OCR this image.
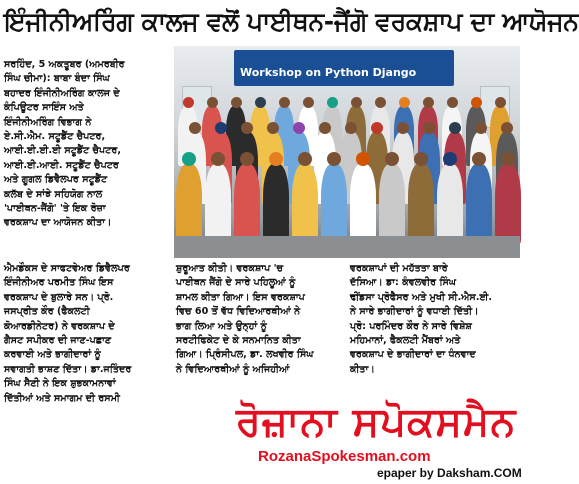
ਇੰਜੀਨੀਅਰਿੰਗ ਕਾਲਜ ਵਲੋਂ ਪਾਈਥਨ-ਜੈਂਗੋ ਵਰਕਸ਼ਾਪ ਦਾ ਆਯੋਜਨ

ਸਰਹਿੰਦ, 5 ਅਕਤੂਬਰ (ਅਮਰਬੀਰ

ਸਿੰਘ ਚੀਮਾ): ਬਾਬਾ ਬੰਦਾ ਸਿੰਘ

ਬਹਾਦਰ ਇੰਜੀਨੀਅਰਿੰਗ ਕਾਲਜ ਦੇ

ਕੰਪਿਊਟਰ ਸਾਇੰਸ ਅਤੇ

ਇੰਜੀਨੀਅਰਿੰਗ ਵਿਭਾਗ ਨੇ

ਏ.ਸੀ.ਐਮ. ਸਟੂਡੈਂਟ ਚੈਪਟਰ,

ਆਈ.ਈ.ਈ.ਈ ਸਟੂਡੈਂਟ ਚੈਪਟਰ,

ਆਈ.ਈ.ਆਈ. ਸਟੂਡੈਂਟ ਚੈਪਟਰ

ਅਤੇ ਗੂਗਲ ਡਿਵੈਲਪਰ ਸਟੂਡੈਂਟ

ਕਲੱਬ ਦੇ ਸਾਂਝੇ ਸਹਿਯੋਗ ਨਾਲ

'ਪਾਈਥਨ-ਜੈਂਗੋ' 'ਤੇ ਇਕ ਰੋਜ਼ਾ

ਵਰਕਸ਼ਾਪ ਦਾ ਆਯੋਜਨ ਕੀਤਾ।

Workshop on Python Django

ਐਮਡੌਕਸ ਦੇ ਸਾਫਟਵੇਅਰ ਡਿਵੈਲਪਰ

ਇੰਜੀਨੀਅਰ ਪਰਮੀਤ ਸਿੰਘ ਇਸ

ਵਰਕਸ਼ਾਪ ਦੇ ਬੁਲਾਰੇ ਸਨ। ਪ੍ਰੋ.

ਜਸਪ੍ਰੀਤ ਕੌਰ (ਫੈਕਲਟੀ

ਕੋਆਰਡੀਨੇਟਰ) ਨੇ ਵਰਕਸ਼ਾਪ ਦੇ

ਗੈਸਟ ਸਪੀਕਰ ਦੀ ਜਾਣ-ਪਛਾਣ

ਕਰਵਾਈ ਅਤੇ ਭਾਗੀਦਾਰਾਂ ਨੂੰ

ਸਵਾਗਤੀ ਭਾਸ਼ਣ ਦਿੱਤਾ। ਡਾ.ਜਤਿੰਦਰ

ਸਿੰਘ ਸੈਣੀ ਨੇ ਇਕ ਸ਼ੁਭਕਾਮਨਾਵਾਂ

ਦਿੱਤੀਆਂ ਅਤੇ ਸਮਾਗਮ ਦੀ ਰਸਮੀ

ਸ਼ੁਰੂਆਤ ਕੀਤੀ। ਵਰਕਸ਼ਾਪ 'ਚ

ਪਾਈਥਨ ਜੈਂਗੋ ਦੇ ਸਾਰੇ ਪਹਿਲੂਆਂ ਨੂੰ

ਸ਼ਾਮਲ ਕੀਤਾ ਗਿਆ। ਇਸ ਵਰਕਸ਼ਾਪ

ਵਿਚ 60 ਤੋਂ ਵੱਧ ਵਿਦਿਆਰਥੀਆਂ ਨੇ

ਭਾਗ ਲਿਆ ਅਤੇ ਉਨ੍ਹਾਂ ਨੂੰ

ਸਰਟੀਫਿਕੇਟ ਦੇ ਕੇ ਸਨਮਾਨਿਤ ਕੀਤਾ

ਗਿਆ। ਪ੍ਰਿੰਸੀਪਲ, ਡਾ. ਲਖਵੀਰ ਸਿੰਘ

ਨੇ ਵਿਦਿਆਰਥੀਆਂ ਨੂੰ ਅਜਿਹੀਆਂ

ਵਰਕਸ਼ਾਪਾਂ ਦੀ ਮਹੱਤਤਾ ਬਾਰੇ

ਦੱਸਿਆ। ਡਾ: ਕੰਵਲਵੀਰ ਸਿੰਘ

ਢੀਂਡਸਾ ਪ੍ਰੋਫੈਸਰ ਅਤੇ ਮੁਖੀ ਸੀ.ਐਸ.ਈ.

ਨੇ ਸਾਰੇ ਭਾਗੀਦਾਰਾਂ ਨੂੰ ਵਧਾਈ ਦਿੱਤੀ।

ਪ੍ਰੋ: ਪਰਮਿੰਦਰ ਕੌਰ ਨੇ ਸਾਰੇ ਵਿਸ਼ੇਸ਼

ਮਹਿਮਾਨਾਂ, ਫੈਕਲਟੀ ਮੈਂਬਰਾਂ ਅਤੇ

ਵਰਕਸ਼ਾਪ ਦੇ ਭਾਗੀਦਾਰਾਂ ਦਾ ਧੰਨਵਾਦ

ਕੀਤਾ।

ਰੋਜ਼ਾਨਾ ਸਪੋਕਸਮੈਨ
RozanaSpokesman.com
epaper by Daksham.COM
